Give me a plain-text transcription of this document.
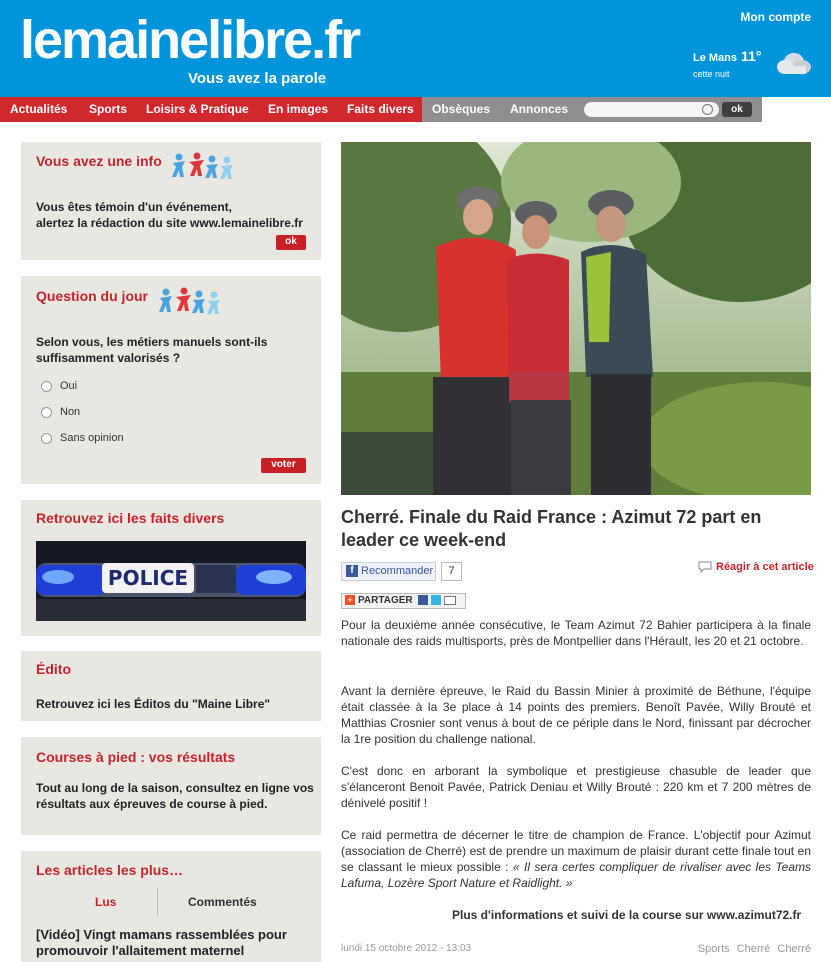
lemainelibre.fr
Vous avez la parole
Mon compte
Le Mans 11°
cette nuit
Actualités Sports Loisirs & Pratique En images Faits divers Obsèques Annonces	ok
Vous avez une info
Vous êtes témoin d'un événement,
alertez la rédaction du site www.lemainelibre.fr
ok
Question du jour
Selon vous, les métiers manuels sont-ils
suffisamment valorisés ?
Oui
Non
Sans opinion
voter
Retrouvez ici les faits divers
POLICE
Édito
Retrouvez ici les Éditos du "Maine Libre"
Courses à pied : vos résultats
Tout au long de la saison, consultez en ligne vos
résultats aux épreuves de course à pied.
Les articles les plus…
Lus	Commentés
[Vidéo] Vingt mamans rassemblées pour
promouvoir l'allaitement maternel
Cherré. Finale du Raid France : Azimut 72 part en leader ce week-end
f Recommander	7	Réagir à cet article
+ PARTAGER
Pour la deuxième année consécutive, le Team Azimut 72 Bahier participera à la finale nationale des raids multisports, près de Montpellier dans l'Hérault, les 20 et 21 octobre.
Avant la dernière épreuve, le Raid du Bassin Minier à proximité de Béthune, l'équipe était classée à la 3e place à 14 points des premiers. Benoît Pavée, Willy Brouté et Matthias Crosnier sont venus à bout de ce périple dans le Nord, finissant par décrocher la 1re position du challenge national.
C'est donc en arborant la symbolique et prestigieuse chasuble de leader que s'élanceront Benoit Pavée, Patrick Deniau et Willy Brouté : 220 km et 7 200 mètres de dénivelé positif !
Ce raid permettra de décerner le titre de champion de France. L'objectif pour Azimut (association de Cherré) est de prendre un maximum de plaisir durant cette finale tout en se classant le mieux possible : « Il sera certes compliquer de rivaliser avec les Teams Lafuma, Lozère Sport Nature et Raidlight. »
Plus d'informations et suivi de la course sur www.azimut72.fr
lundi 15 octobre 2012 - 13:03	Sports Cherré Cherré
